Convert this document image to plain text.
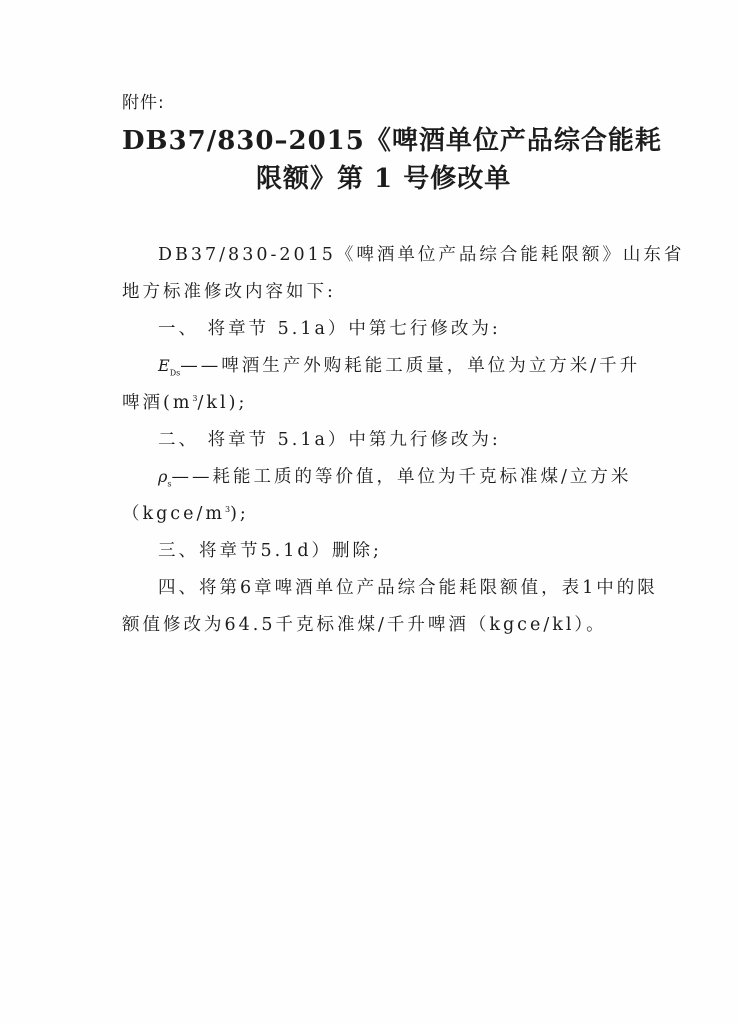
附件:
DB37/830–2015《啤酒单位产品综合能耗
限额》第 1 号修改单
DB37/830-2015《啤酒单位产品综合能耗限额》山东省
地方标准修改内容如下:
一、 将章节 5.1a）中第七行修改为:
$E_{Ds}——$啤酒生产外购耗能工质量，单位为立方米/千升
啤酒$(m^3/kl)$;
二、 将章节 5.1a）中第九行修改为:
$\rho_s——$耗能工质的等价值，单位为千克标准煤/立方米
$(kgce/m^3)$;
三、将章节5.1d）删除;
四、将第6章啤酒单位产品综合能耗限额值，表1中的限
额值修改为64.5千克标准煤/千升啤酒（kgce/kl）。
